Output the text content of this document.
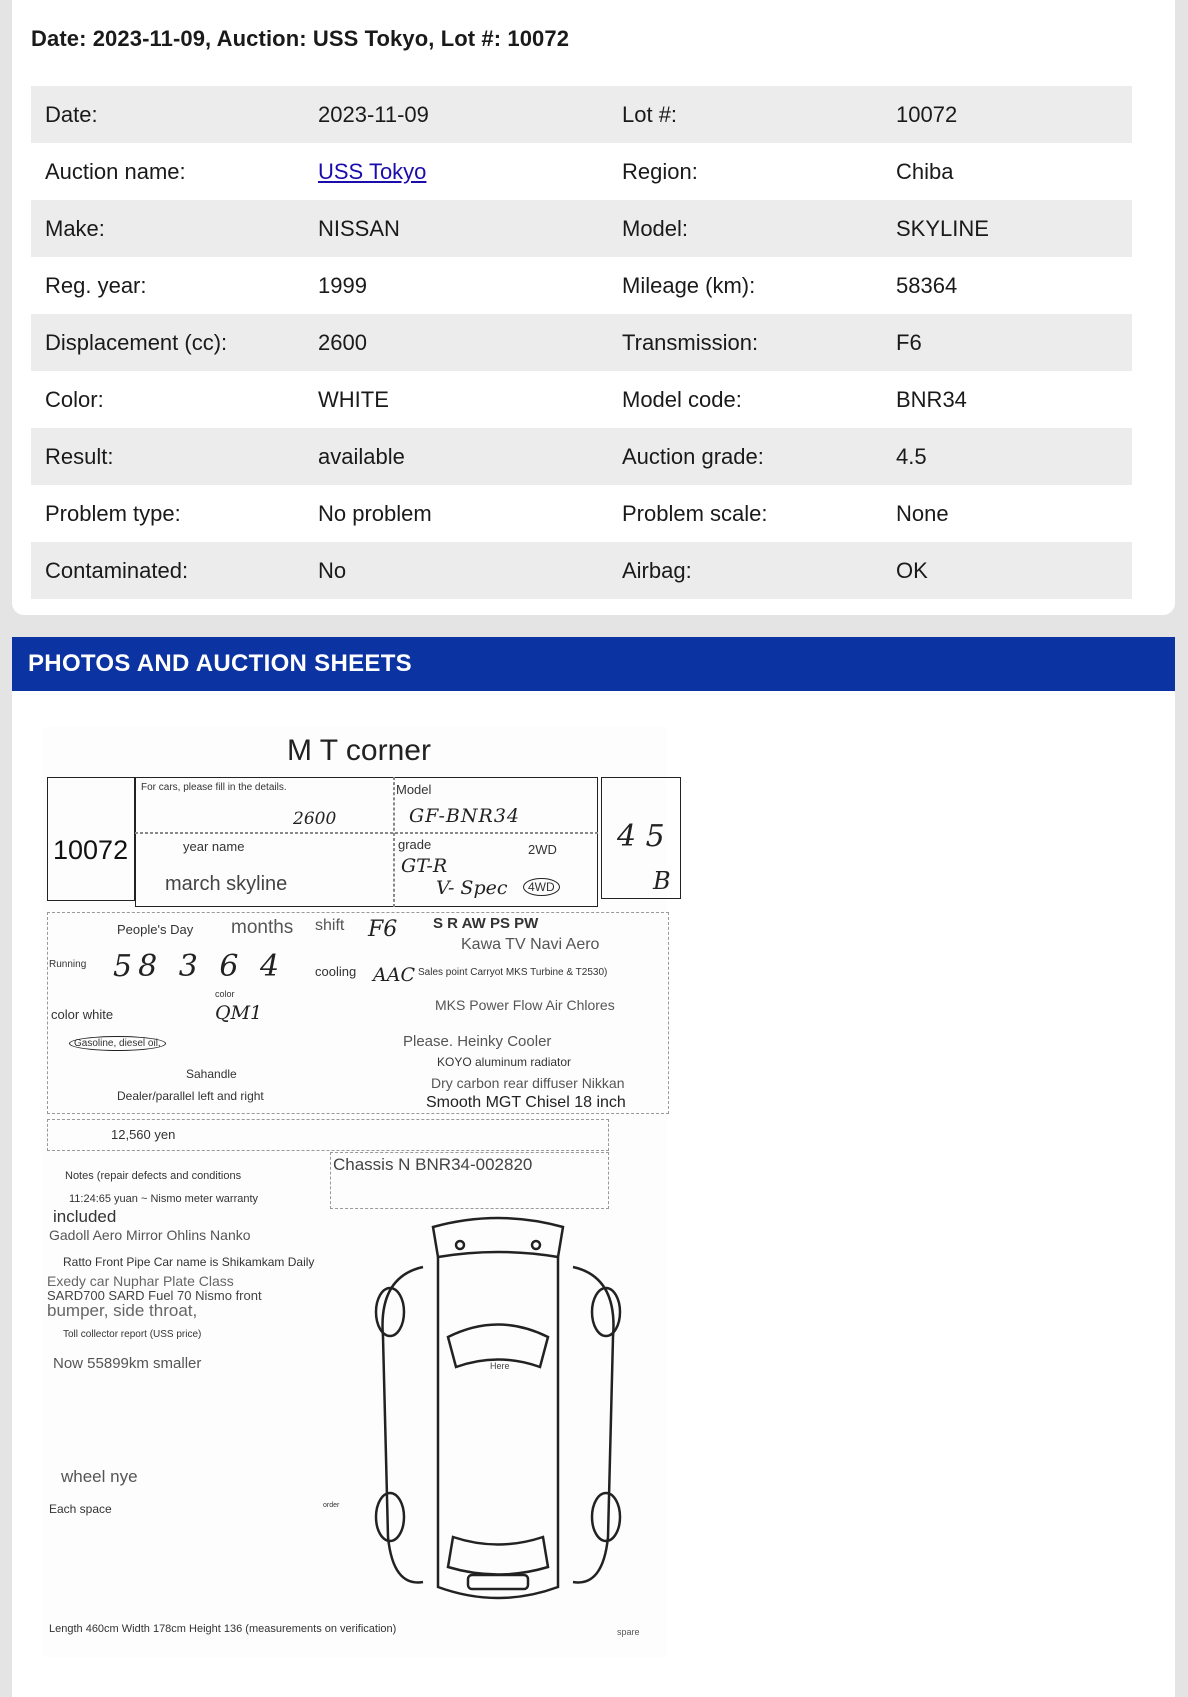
Date: 2023-11-09, Auction: USS Tokyo, Lot #: 10072
Date:	2023-11-09	Lot #:	10072
Auction name:	USS Tokyo	Region:	Chiba
Make:	NISSAN	Model:	SKYLINE
Reg. year:	1999	Mileage (km):	58364
Displacement (cc):	2600	Transmission:	F6
Color:	WHITE	Model code:	BNR34
Result:	available	Auction grade:	4.5
Problem type:	No problem	Problem scale:	None
Contaminated:	No	Airbag:	OK
PHOTOS AND AUCTION SHEETS
M T corner
10072
For cars, please fill in the details.	Model
2600	GF-BNR34
year name	grade
GT-R
V- Spec
2WD
4WD
march skyline
4 5
B
People's Day months shift F6
Running 58 3 6 4 cooling AAC
S R AW PS PW
Kawa TV Navi Aero
Sales point Carryot MKS Turbine & T2530)
MKS Power Flow Air Chlores
Please. Heinky Cooler
KOYO aluminum radiator
Dry carbon rear diffuser Nikkan
Smooth MGT Chisel 18 inch
color white
color
QM1
Gasoline, diesel oil,
Sahandle
Dealer/parallel left and right
12,560 yen
Chassis N BNR34-002820
Notes (repair defects and conditions
11:24:65 yuan ~ Nismo meter warranty
included
Gadoll Aero Mirror Ohlins Nanko
Ratto Front Pipe Car name is Shikamkam Daily
Exedy car Nuphar Plate Class
SARD700 SARD Fuel 70 Nismo front
bumper, side throat,
Toll collector report (USS price)
Now 55899km smaller
wheel nye
Each space	order
spare
Length 460cm Width 178cm Height 136 (measurements on verification)
Here
